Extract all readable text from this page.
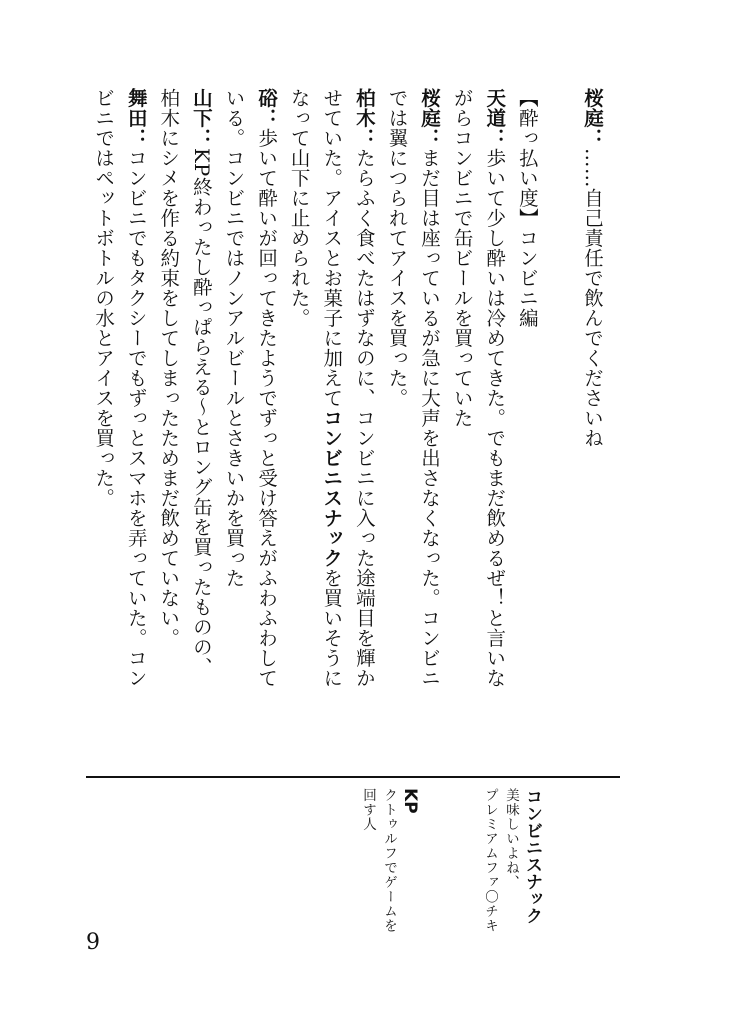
桜庭：……自己責任で飲んでくださいね

【酔っ払い度】コンビニ編
天道：歩いて少し酔いは冷めてきた。でもまだ飲めるぜ！と言いな
がらコンビニで缶ビールを買っていた
桜庭：まだ目は座っているが急に大声を出さなくなった。コンビニ
では翼につられてアイスを買った。
柏木：たらふく食べたはずなのに、コンビニに入った途端目を輝か
せていた。アイスとお菓子に加えてコンビニスナックを買いそうに
なって山下に止められた。
硲：歩いて酔いが回ってきたようでずっと受け答えがふわふわして
いる。コンビニではノンアルビールとさきいかを買った
山下：KP終わったし酔っぱらえる～とロング缶を買ったものの、
柏木にシメを作る約束をしてしまったためまだ飲めていない。
舞田：コンビニでもタクシーでもずっとスマホを弄っていた。コン
ビニではペットボトルの水とアイスを買った。
コンビニスナック
美味しいよね、
プレミアムファ〇チキ
KP
クトゥルフでゲームを
回す人
9
